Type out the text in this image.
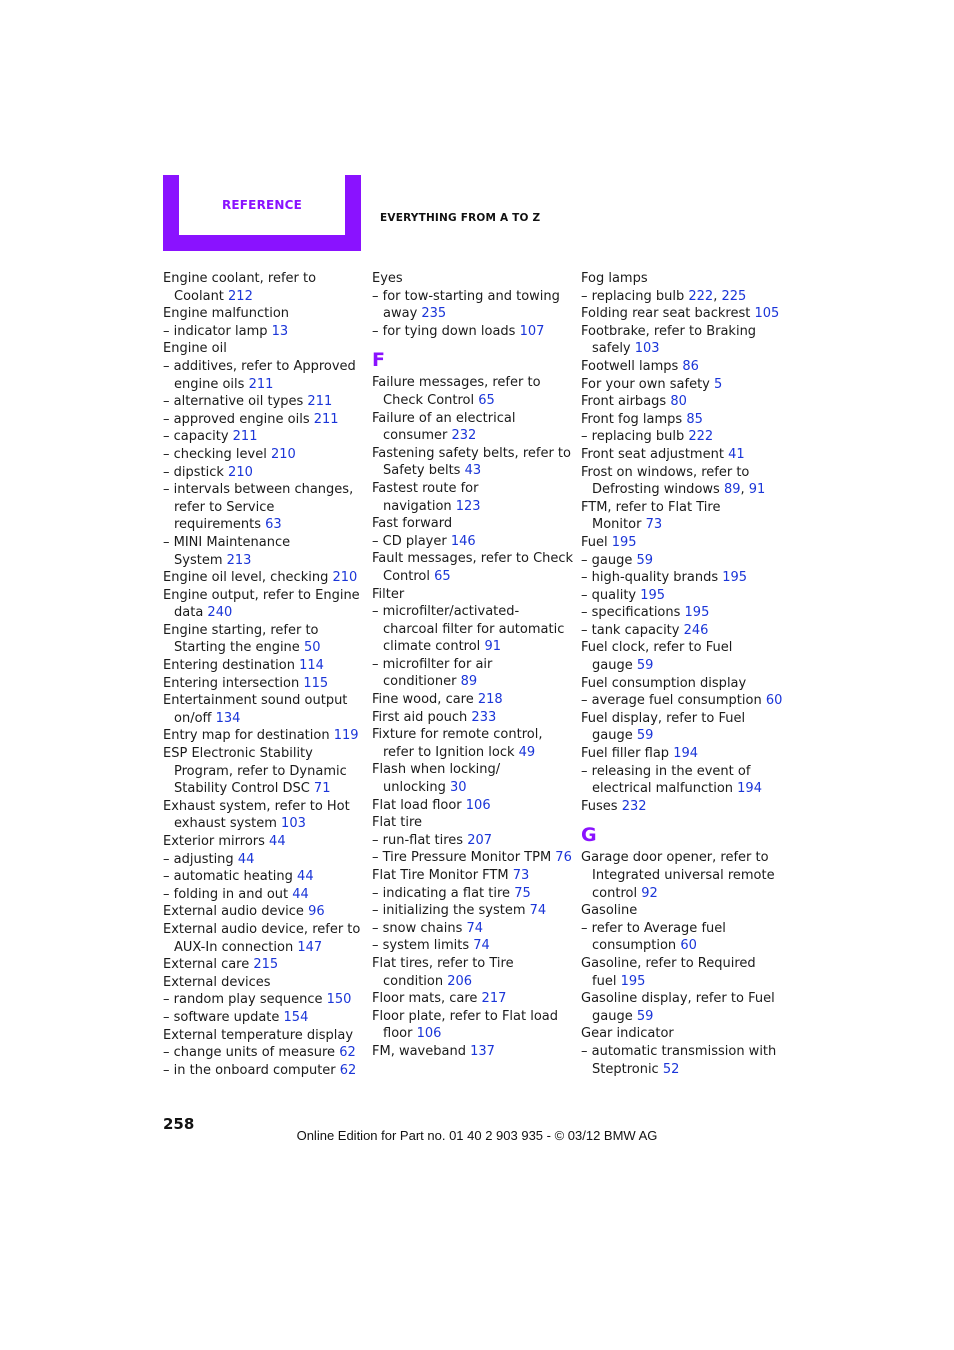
REFERENCE
EVERYTHING FROM A TO Z
Engine coolant, refer to
Coolant 212
Engine malfunction
– indicator lamp 13
Engine oil
– additives, refer to Approved
engine oils 211
– alternative oil types 211
– approved engine oils 211
– capacity 211
– checking level 210
– dipstick 210
– intervals between changes,
refer to Service
requirements 63
– MINI Maintenance
System 213
Engine oil level, checking 210
Engine output, refer to Engine
data 240
Engine starting, refer to
Starting the engine 50
Entering destination 114
Entering intersection 115
Entertainment sound output
on/off 134
Entry map for destination 119
ESP Electronic Stability
Program, refer to Dynamic
Stability Control DSC 71
Exhaust system, refer to Hot
exhaust system 103
Exterior mirrors 44
– adjusting 44
– automatic heating 44
– folding in and out 44
External audio device 96
External audio device, refer to
AUX-In connection 147
External care 215
External devices
– random play sequence 150
– software update 154
External temperature display
– change units of measure 62
– in the onboard computer 62
Eyes
– for tow-starting and towing
away 235
– for tying down loads 107
F
Failure messages, refer to
Check Control 65
Failure of an electrical
consumer 232
Fastening safety belts, refer to
Safety belts 43
Fastest route for
navigation 123
Fast forward
– CD player 146
Fault messages, refer to Check
Control 65
Filter
– microfilter/activated-
charcoal filter for automatic
climate control 91
– microfilter for air
conditioner 89
Fine wood, care 218
First aid pouch 233
Fixture for remote control,
refer to Ignition lock 49
Flash when locking/
unlocking 30
Flat load floor 106
Flat tire
– run-flat tires 207
– Tire Pressure Monitor TPM 76
Flat Tire Monitor FTM 73
– indicating a flat tire 75
– initializing the system 74
– snow chains 74
– system limits 74
Flat tires, refer to Tire
condition 206
Floor mats, care 217
Floor plate, refer to Flat load
floor 106
FM, waveband 137
Fog lamps
– replacing bulb 222, 225
Folding rear seat backrest 105
Footbrake, refer to Braking
safely 103
Footwell lamps 86
For your own safety 5
Front airbags 80
Front fog lamps 85
– replacing bulb 222
Front seat adjustment 41
Frost on windows, refer to
Defrosting windows 89, 91
FTM, refer to Flat Tire
Monitor 73
Fuel 195
– gauge 59
– high-quality brands 195
– quality 195
– specifications 195
– tank capacity 246
Fuel clock, refer to Fuel
gauge 59
Fuel consumption display
– average fuel consumption 60
Fuel display, refer to Fuel
gauge 59
Fuel filler flap 194
– releasing in the event of
electrical malfunction 194
Fuses 232
G
Garage door opener, refer to
Integrated universal remote
control 92
Gasoline
– refer to Average fuel
consumption 60
Gasoline, refer to Required
fuel 195
Gasoline display, refer to Fuel
gauge 59
Gear indicator
– automatic transmission with
Steptronic 52
258
Online Edition for Part no. 01 40 2 903 935 - © 03/12 BMW AG
